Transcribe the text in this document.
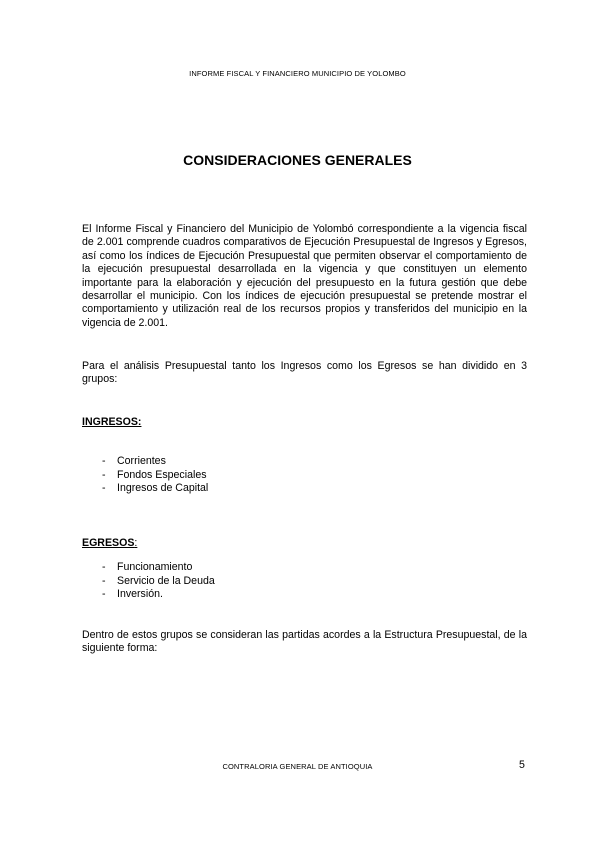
INFORME FISCAL Y FINANCIERO MUNICIPIO DE YOLOMBO
CONSIDERACIONES GENERALES
El Informe Fiscal y Financiero del Municipio de Yolombó correspondiente a la vigencia fiscal de 2.001 comprende cuadros comparativos de Ejecución Presupuestal de Ingresos y Egresos, así como los índices de Ejecución Presupuestal que permiten observar el comportamiento de la ejecución presupuestal desarrollada en la vigencia y que constituyen un elemento importante para la elaboración y ejecución del presupuesto en la futura gestión que debe desarrollar el municipio. Con los índices de ejecución presupuestal se pretende mostrar el comportamiento y utilización real de los recursos propios y transferidos del municipio en la vigencia de 2.001.
Para el análisis Presupuestal tanto los Ingresos como los Egresos se han dividido en 3 grupos:
INGRESOS:
- Corrientes
- Fondos Especiales
- Ingresos de Capital
EGRESOS:
- Funcionamiento
- Servicio de la Deuda
- Inversión.
Dentro de estos grupos se consideran las partidas acordes a la Estructura Presupuestal, de la siguiente forma:
CONTRALORIA GENERAL DE ANTIOQUIA	5
